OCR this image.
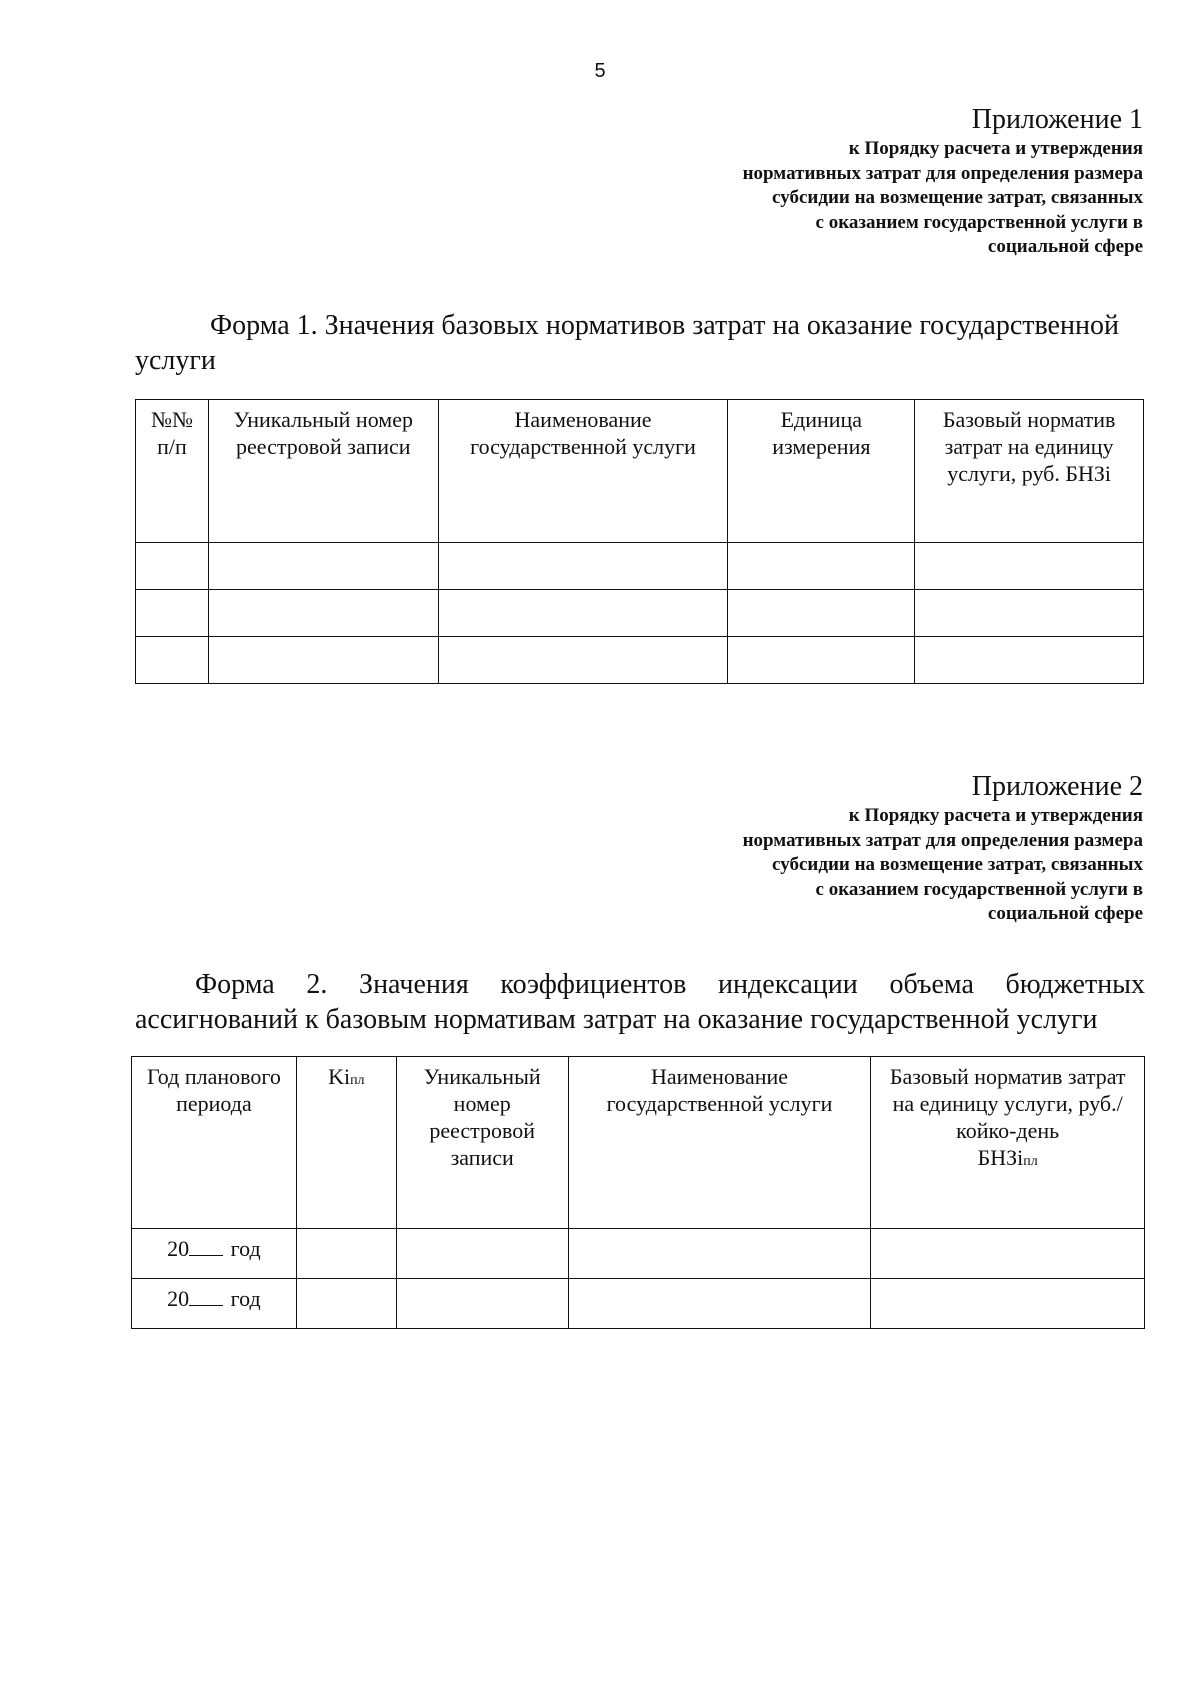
5
Приложение 1
к Порядку расчета и утверждения
нормативных затрат для определения размера
субсидии на возмещение затрат, связанных
с оказанием государственной услуги в
социальной сфере
Форма 1. Значения базовых нормативов затрат на оказание государственной
услуги
№№ п/п	Уникальный номер реестровой записи	Наименование государственной услуги	Единица измерения	Базовый норматив затрат на единицу услуги, руб. БНЗi

Приложение 2
к Порядку расчета и утверждения
нормативных затрат для определения размера
субсидии на возмещение затрат, связанных
с оказанием государственной услуги в
социальной сфере
Форма 2. Значения коэффициентов индексации объема бюджетных
ассигнований к базовым нормативам затрат на оказание государственной услуги
Год планового периода	Kiпл	Уникальный номер реестровой записи	Наименование государственной услуги	Базовый норматив затрат на единицу услуги, руб./койко-день
БНЗiпл

20 год				
20 год				
